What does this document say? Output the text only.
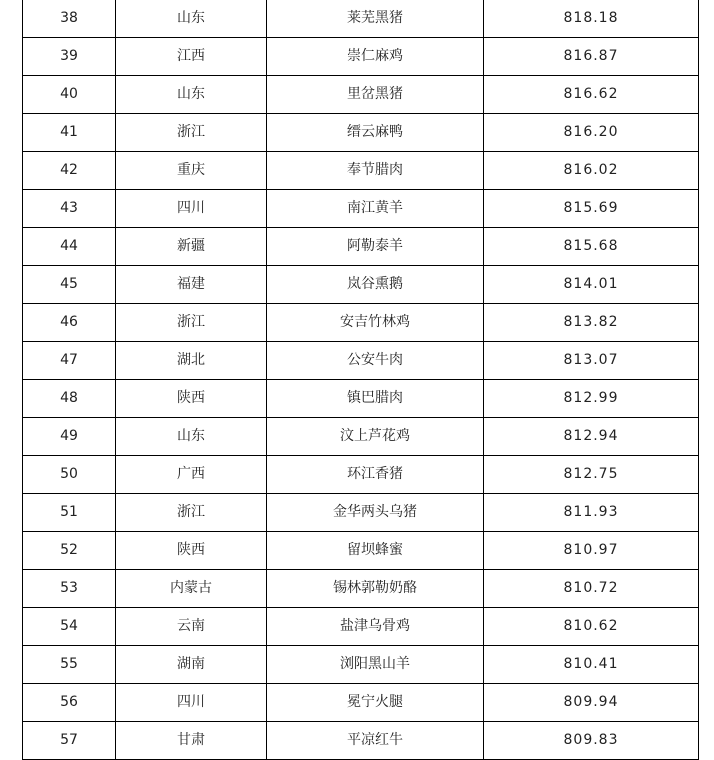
38	山东	莱芜黑猪	818.18
39	江西	崇仁麻鸡	816.87
40	山东	里岔黑猪	816.62
41	浙江	缙云麻鸭	816.20
42	重庆	奉节腊肉	816.02
43	四川	南江黄羊	815.69
44	新疆	阿勒泰羊	815.68
45	福建	岚谷熏鹅	814.01
46	浙江	安吉竹林鸡	813.82
47	湖北	公安牛肉	813.07
48	陕西	镇巴腊肉	812.99
49	山东	汶上芦花鸡	812.94
50	广西	环江香猪	812.75
51	浙江	金华两头乌猪	811.93
52	陕西	留坝蜂蜜	810.97
53	内蒙古	锡林郭勒奶酪	810.72
54	云南	盐津乌骨鸡	810.62
55	湖南	浏阳黑山羊	810.41
56	四川	冕宁火腿	809.94
57	甘肃	平凉红牛	809.83
